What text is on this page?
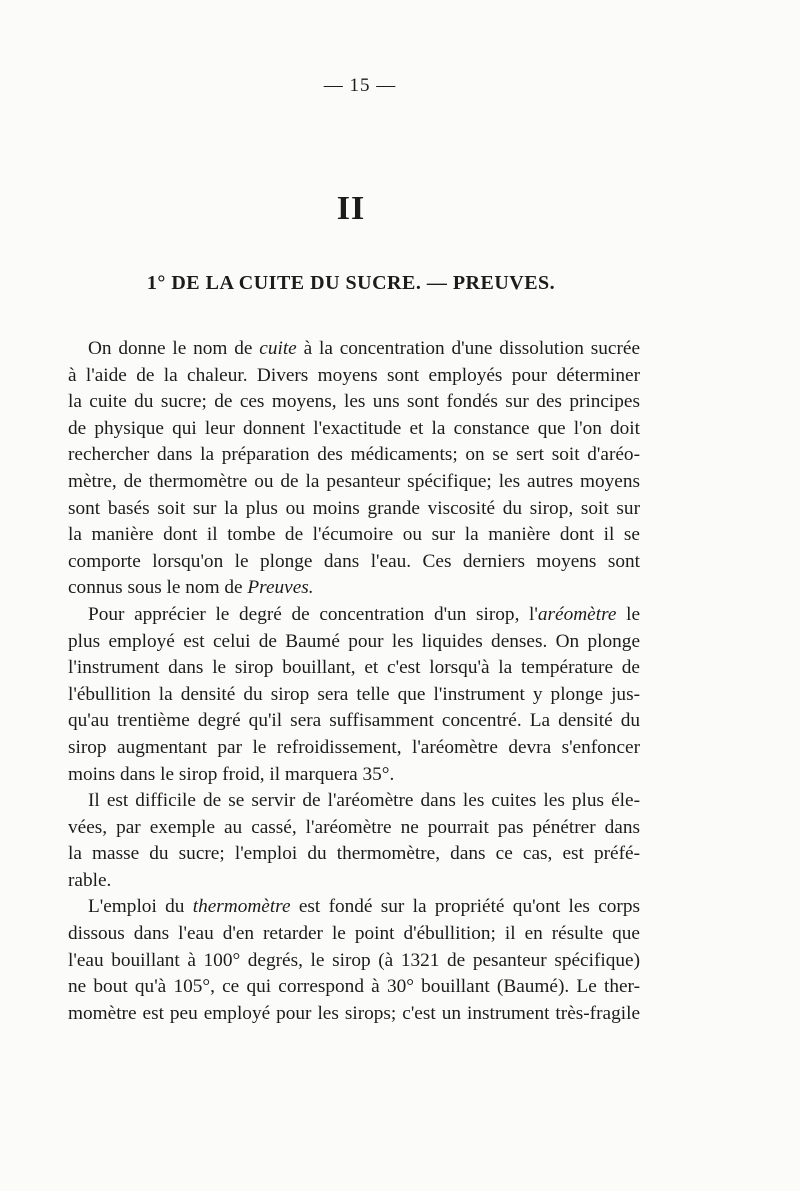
— 15 —
II
1° DE LA CUITE DU SUCRE. — PREUVES.
On donne le nom de cuite à la concentration d'une dissolution sucrée
à l'aide de la chaleur. Divers moyens sont employés pour déterminer
la cuite du sucre; de ces moyens, les uns sont fondés sur des principes
de physique qui leur donnent l'exactitude et la constance que l'on doit
rechercher dans la préparation des médicaments; on se sert soit d'aréo-
mètre, de thermomètre ou de la pesanteur spécifique; les autres moyens
sont basés soit sur la plus ou moins grande viscosité du sirop, soit sur
la manière dont il tombe de l'écumoire ou sur la manière dont il se
comporte lorsqu'on le plonge dans l'eau. Ces derniers moyens sont
connus sous le nom de Preuves.
Pour apprécier le degré de concentration d'un sirop, l'aréomètre le
plus employé est celui de Baumé pour les liquides denses. On plonge
l'instrument dans le sirop bouillant, et c'est lorsqu'à la température de
l'ébullition la densité du sirop sera telle que l'instrument y plonge jus-
qu'au trentième degré qu'il sera suffisamment concentré. La densité du
sirop augmentant par le refroidissement, l'aréomètre devra s'enfoncer
moins dans le sirop froid, il marquera 35°.
Il est difficile de se servir de l'aréomètre dans les cuites les plus éle-
vées, par exemple au cassé, l'aréomètre ne pourrait pas pénétrer dans
la masse du sucre; l'emploi du thermomètre, dans ce cas, est préfé-
rable.
L'emploi du thermomètre est fondé sur la propriété qu'ont les corps
dissous dans l'eau d'en retarder le point d'ébullition; il en résulte que
l'eau bouillant à 100° degrés, le sirop (à 1321 de pesanteur spécifique)
ne bout qu'à 105°, ce qui correspond à 30° bouillant (Baumé). Le ther-
momètre est peu employé pour les sirops; c'est un instrument très-fragile
